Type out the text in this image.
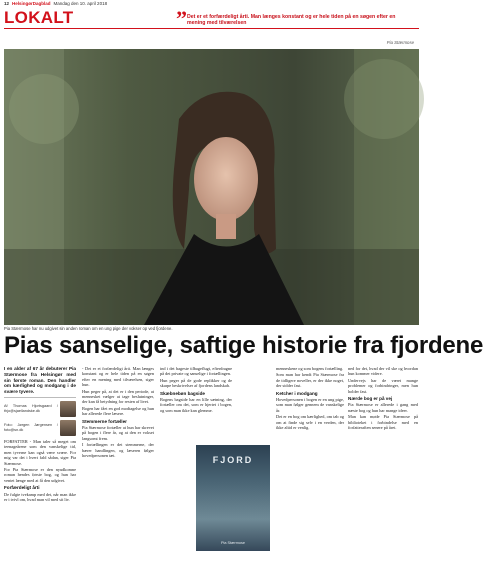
12 HelsingørDagblad Mandag den 10. april 2018
LOKALT	” Det er et forfærdeligt årti. Man længes konstant og er hele tiden på en søgen efter en mening med tilværelsen
Pia Stærmose
Pia Stærmose har nu udgivet sin anden roman om en ung pige der vokser op ved fjordene.
Pias sanselige, saftige historie fra fjordene

I en alder af 67 år debuterer Pia Stærmose fra Helsingør med sin første roman. Den handler om kærlighed og modgang i de svære tyvere.

Af Thomas Hjortsgaard / thjo@sjaellandske.dk
Foto: Jørgen Jørgensen / foto@sn.dk

FORFATTER - Man taler så meget om teenageårene som den vanskelige tid, men tyverne kan også være svære. For mig var det i hvert fald sådan, siger Pia Stærmose.

For Pia Stærmose er den nyudkomne roman hendes første bog, og hun har ventet længe med at få den udgivet.

Forfærdeligt årti

De fulgte tvekamp med det, når man ikke er i tvivl om, hvad man vil med sit liv.

- Det er et forfærdeligt årti. Man længes konstant og er hele tiden på en søgen efter en mening med tilværelsen, siger hun.

Hun peger på, at det er i den periode, at mennesket vælger at tage beslutninger, der kan få betydning for resten af livet.

Bogen har fået en god modtagelse og hun har allerede flere læsere.

Stemmerne fortæller

Pia Stærmose fortæller at hun har skrevet på bogen i flere år, og at den er vokset langsomt frem.

I fortællingen er det stemmerne, der bærer handlingen, og læseren følger hovedpersonen tæt.

ind i det bageste tilbageflugt, efterdragne på det private og sanselige i fortællingen.

Hun peger på de gode replikker og de skarpe beskrivelser af fjordens landskab.

Skæbnebøn bagside

Bogens bagside har en lille sætning, der fortæller om det, som er hjertet i bogen, og som man ikke kan glemme.

menneskene og som bogens fortælling.

Som man har kendt Pia Stærmose fra de tidligere noveller, er der ikke noget, der sidder fast.

Ketcher i modgang

Hovedpersonen i bogen er en ung pige, som man følger gennem de vanskelige år.

Det er en bog om kærlighed, om tab og om at finde sig selv i en verden, der ikke altid er venlig.

ned for det, hvad der vil ske og hvordan hun kommer videre.

Undervejs har de været mange problemer og forhindringer, men hun holder fast.

Nærde bog er på vej

Pia Stærmose er allerede i gang med næste bog og hun har mange ideer.

Man kan møde Pia Stærmose på biblioteket i forbindelse med en forfatteraften senere på året.

FJORD
Pia Stærmose
